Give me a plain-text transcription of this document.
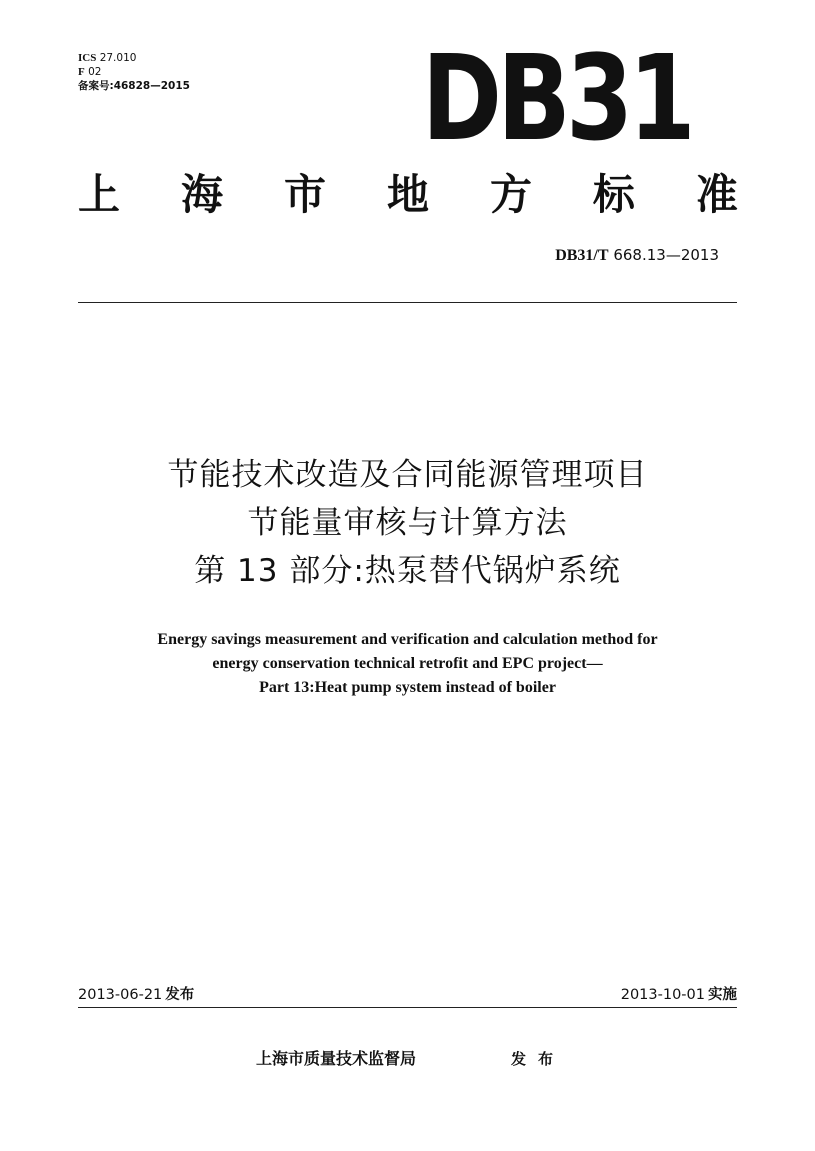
ICS 27.010
F 02
备案号:46828—2015 DB31
上 海 市 地 方 标 准
DB31/T 668.13—2013
节能技术改造及合同能源管理项目
节能量审核与计算方法
第 13 部分:热泵替代锅炉系统
Energy savings measurement and verification and calculation method for
energy conservation technical retrofit and EPC project—
Part 13:Heat pump system instead of boiler
2013-06-21 发布	2013-10-01 实施
上海市质量技术监督局	发布
